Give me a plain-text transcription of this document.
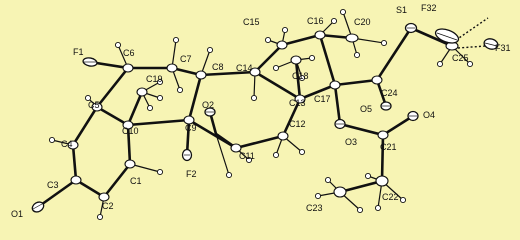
S1 F32
F31
C25
C20
C16
C15
C24
F1	C6
C7
C8 C14
C18
C19
C13 C17
C5	O2	O5
O4
C10	C9	C12
C4
C11
O3	C21
C1
F2
C3
C23
C22
C2
O1
